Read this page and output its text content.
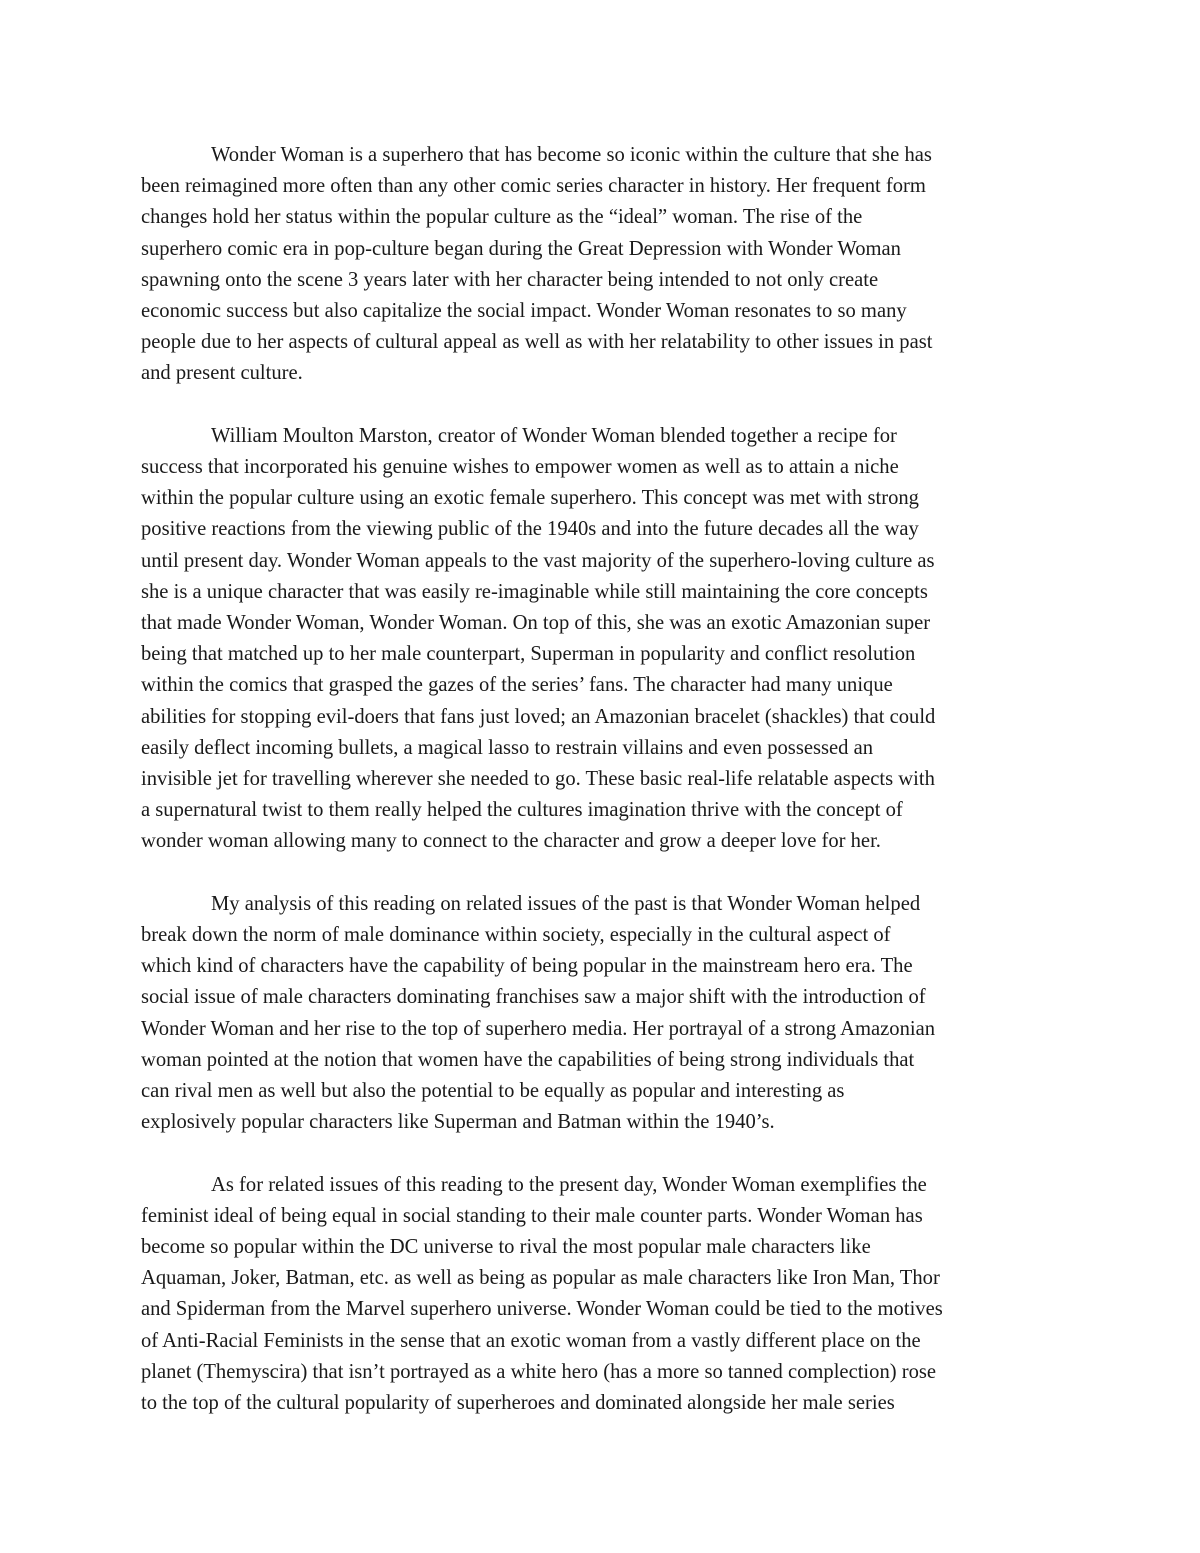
Wonder Woman is a superhero that has become so iconic within the culture that she has
been reimagined more often than any other comic series character in history. Her frequent form
changes hold her status within the popular culture as the “ideal” woman. The rise of the
superhero comic era in pop-culture began during the Great Depression with Wonder Woman
spawning onto the scene 3 years later with her character being intended to not only create
economic success but also capitalize the social impact. Wonder Woman resonates to so many
people due to her aspects of cultural appeal as well as with her relatability to other issues in past
and present culture.

William Moulton Marston, creator of Wonder Woman blended together a recipe for
success that incorporated his genuine wishes to empower women as well as to attain a niche
within the popular culture using an exotic female superhero. This concept was met with strong
positive reactions from the viewing public of the 1940s and into the future decades all the way
until present day. Wonder Woman appeals to the vast majority of the superhero-loving culture as
she is a unique character that was easily re-imaginable while still maintaining the core concepts
that made Wonder Woman, Wonder Woman. On top of this, she was an exotic Amazonian super
being that matched up to her male counterpart, Superman in popularity and conflict resolution
within the comics that grasped the gazes of the series’ fans. The character had many unique
abilities for stopping evil-doers that fans just loved; an Amazonian bracelet (shackles) that could
easily deflect incoming bullets, a magical lasso to restrain villains and even possessed an
invisible jet for travelling wherever she needed to go. These basic real-life relatable aspects with
a supernatural twist to them really helped the cultures imagination thrive with the concept of
wonder woman allowing many to connect to the character and grow a deeper love for her.

My analysis of this reading on related issues of the past is that Wonder Woman helped
break down the norm of male dominance within society, especially in the cultural aspect of
which kind of characters have the capability of being popular in the mainstream hero era. The
social issue of male characters dominating franchises saw a major shift with the introduction of
Wonder Woman and her rise to the top of superhero media. Her portrayal of a strong Amazonian
woman pointed at the notion that women have the capabilities of being strong individuals that
can rival men as well but also the potential to be equally as popular and interesting as
explosively popular characters like Superman and Batman within the 1940’s.

As for related issues of this reading to the present day, Wonder Woman exemplifies the
feminist ideal of being equal in social standing to their male counter parts. Wonder Woman has
become so popular within the DC universe to rival the most popular male characters like
Aquaman, Joker, Batman, etc. as well as being as popular as male characters like Iron Man, Thor
and Spiderman from the Marvel superhero universe. Wonder Woman could be tied to the motives
of Anti-Racial Feminists in the sense that an exotic woman from a vastly different place on the
planet (Themyscira) that isn’t portrayed as a white hero (has a more so tanned complection) rose
to the top of the cultural popularity of superheroes and dominated alongside her male series
